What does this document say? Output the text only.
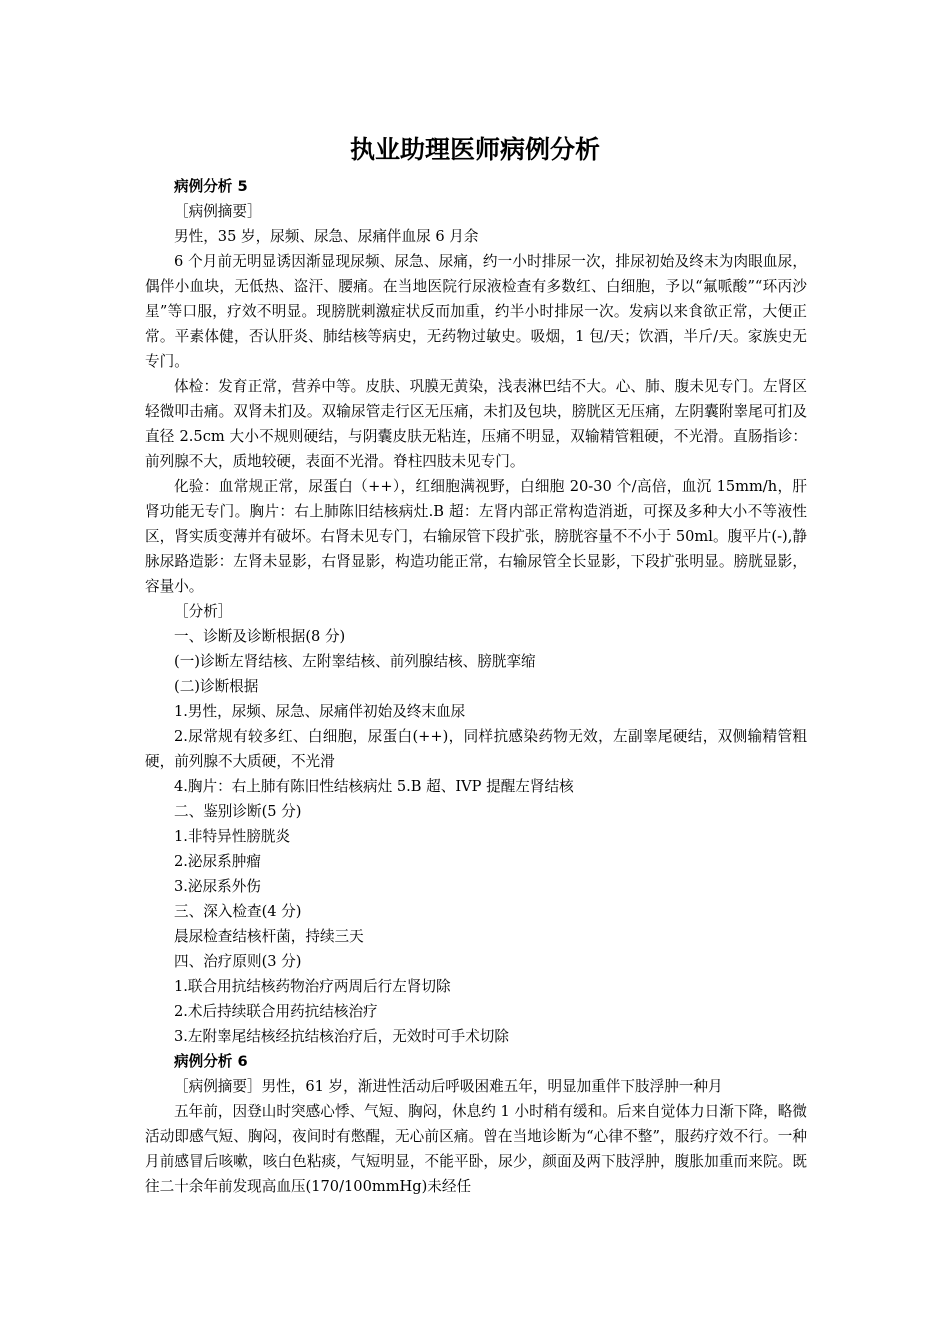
执业助理医师病例分析

病例分析 5

［病例摘要］

男性，35 岁，尿频、尿急、尿痛伴血尿 6 月余

6 个月前无明显诱因渐显现尿频、尿急、尿痛，约一小时排尿一次，排尿初始及终末为肉眼血尿，偶伴小血块，无低热、盗汗、腰痛。在当地医院行尿液检查有多数红、白细胞，予以“氟哌酸”“环丙沙星”等口服，疗效不明显。现膀胱刺激症状反而加重，约半小时排尿一次。发病以来食欲正常，大便正常。平素体健，否认肝炎、肺结核等病史，无药物过敏史。吸烟，1 包/天；饮酒，半斤/天。家族史无专门。

体检：发育正常，营养中等。皮肤、巩膜无黄染，浅表淋巴结不大。心、肺、腹未见专门。左肾区轻微叩击痛。双肾未扪及。双输尿管走行区无压痛，未扪及包块，膀胱区无压痛，左阴囊附睾尾可扪及直径 2.5cm 大小不规则硬结，与阴囊皮肤无粘连，压痛不明显，双输精管粗硬，不光滑。直肠指诊：前列腺不大，质地较硬，表面不光滑。脊柱四肢未见专门。

化验：血常规正常，尿蛋白（++），红细胞满视野，白细胞 20-30 个/高倍，血沉 15mm/h，肝肾功能无专门。胸片：右上肺陈旧结核病灶.B 超：左肾内部正常构造消逝，可探及多种大小不等液性区，肾实质变薄并有破坏。右肾未见专门，右输尿管下段扩张，膀胱容量不不小于 50ml。腹平片(-),静脉尿路造影：左肾未显影，右肾显影，构造功能正常，右输尿管全长显影，下段扩张明显。膀胱显影，容量小。

［分析］

一、诊断及诊断根据(8 分)

(一)诊断左肾结核、左附睾结核、前列腺结核、膀胱挛缩

(二)诊断根据

1.男性，尿频、尿急、尿痛伴初始及终末血尿

2.尿常规有较多红、白细胞，尿蛋白(++)，同样抗感染药物无效，左副睾尾硬结，双侧输精管粗硬，前列腺不大质硬，不光滑

4.胸片：右上肺有陈旧性结核病灶 5.B 超、IVP 提醒左肾结核

二、鉴别诊断(5 分)

1.非特异性膀胱炎

2.泌尿系肿瘤

3.泌尿系外伤

三、深入检查(4 分)

晨尿检查结核杆菌，持续三天

四、治疗原则(3 分)

1.联合用抗结核药物治疗两周后行左肾切除

2.术后持续联合用药抗结核治疗

3.左附睾尾结核经抗结核治疗后，无效时可手术切除

病例分析 6

［病例摘要］男性，61 岁，渐进性活动后呼吸困难五年，明显加重伴下肢浮肿一种月

五年前，因登山时突感心悸、气短、胸闷，休息约 1 小时稍有缓和。后来自觉体力日渐下降，略微活动即感气短、胸闷，夜间时有憋醒，无心前区痛。曾在当地诊断为“心律不整”，服药疗效不行。一种月前感冒后咳嗽，咳白色粘痰，气短明显，不能平卧，尿少，颜面及两下肢浮肿，腹胀加重而来院。既往二十余年前发现高血压(170/100mmHg)未经任
